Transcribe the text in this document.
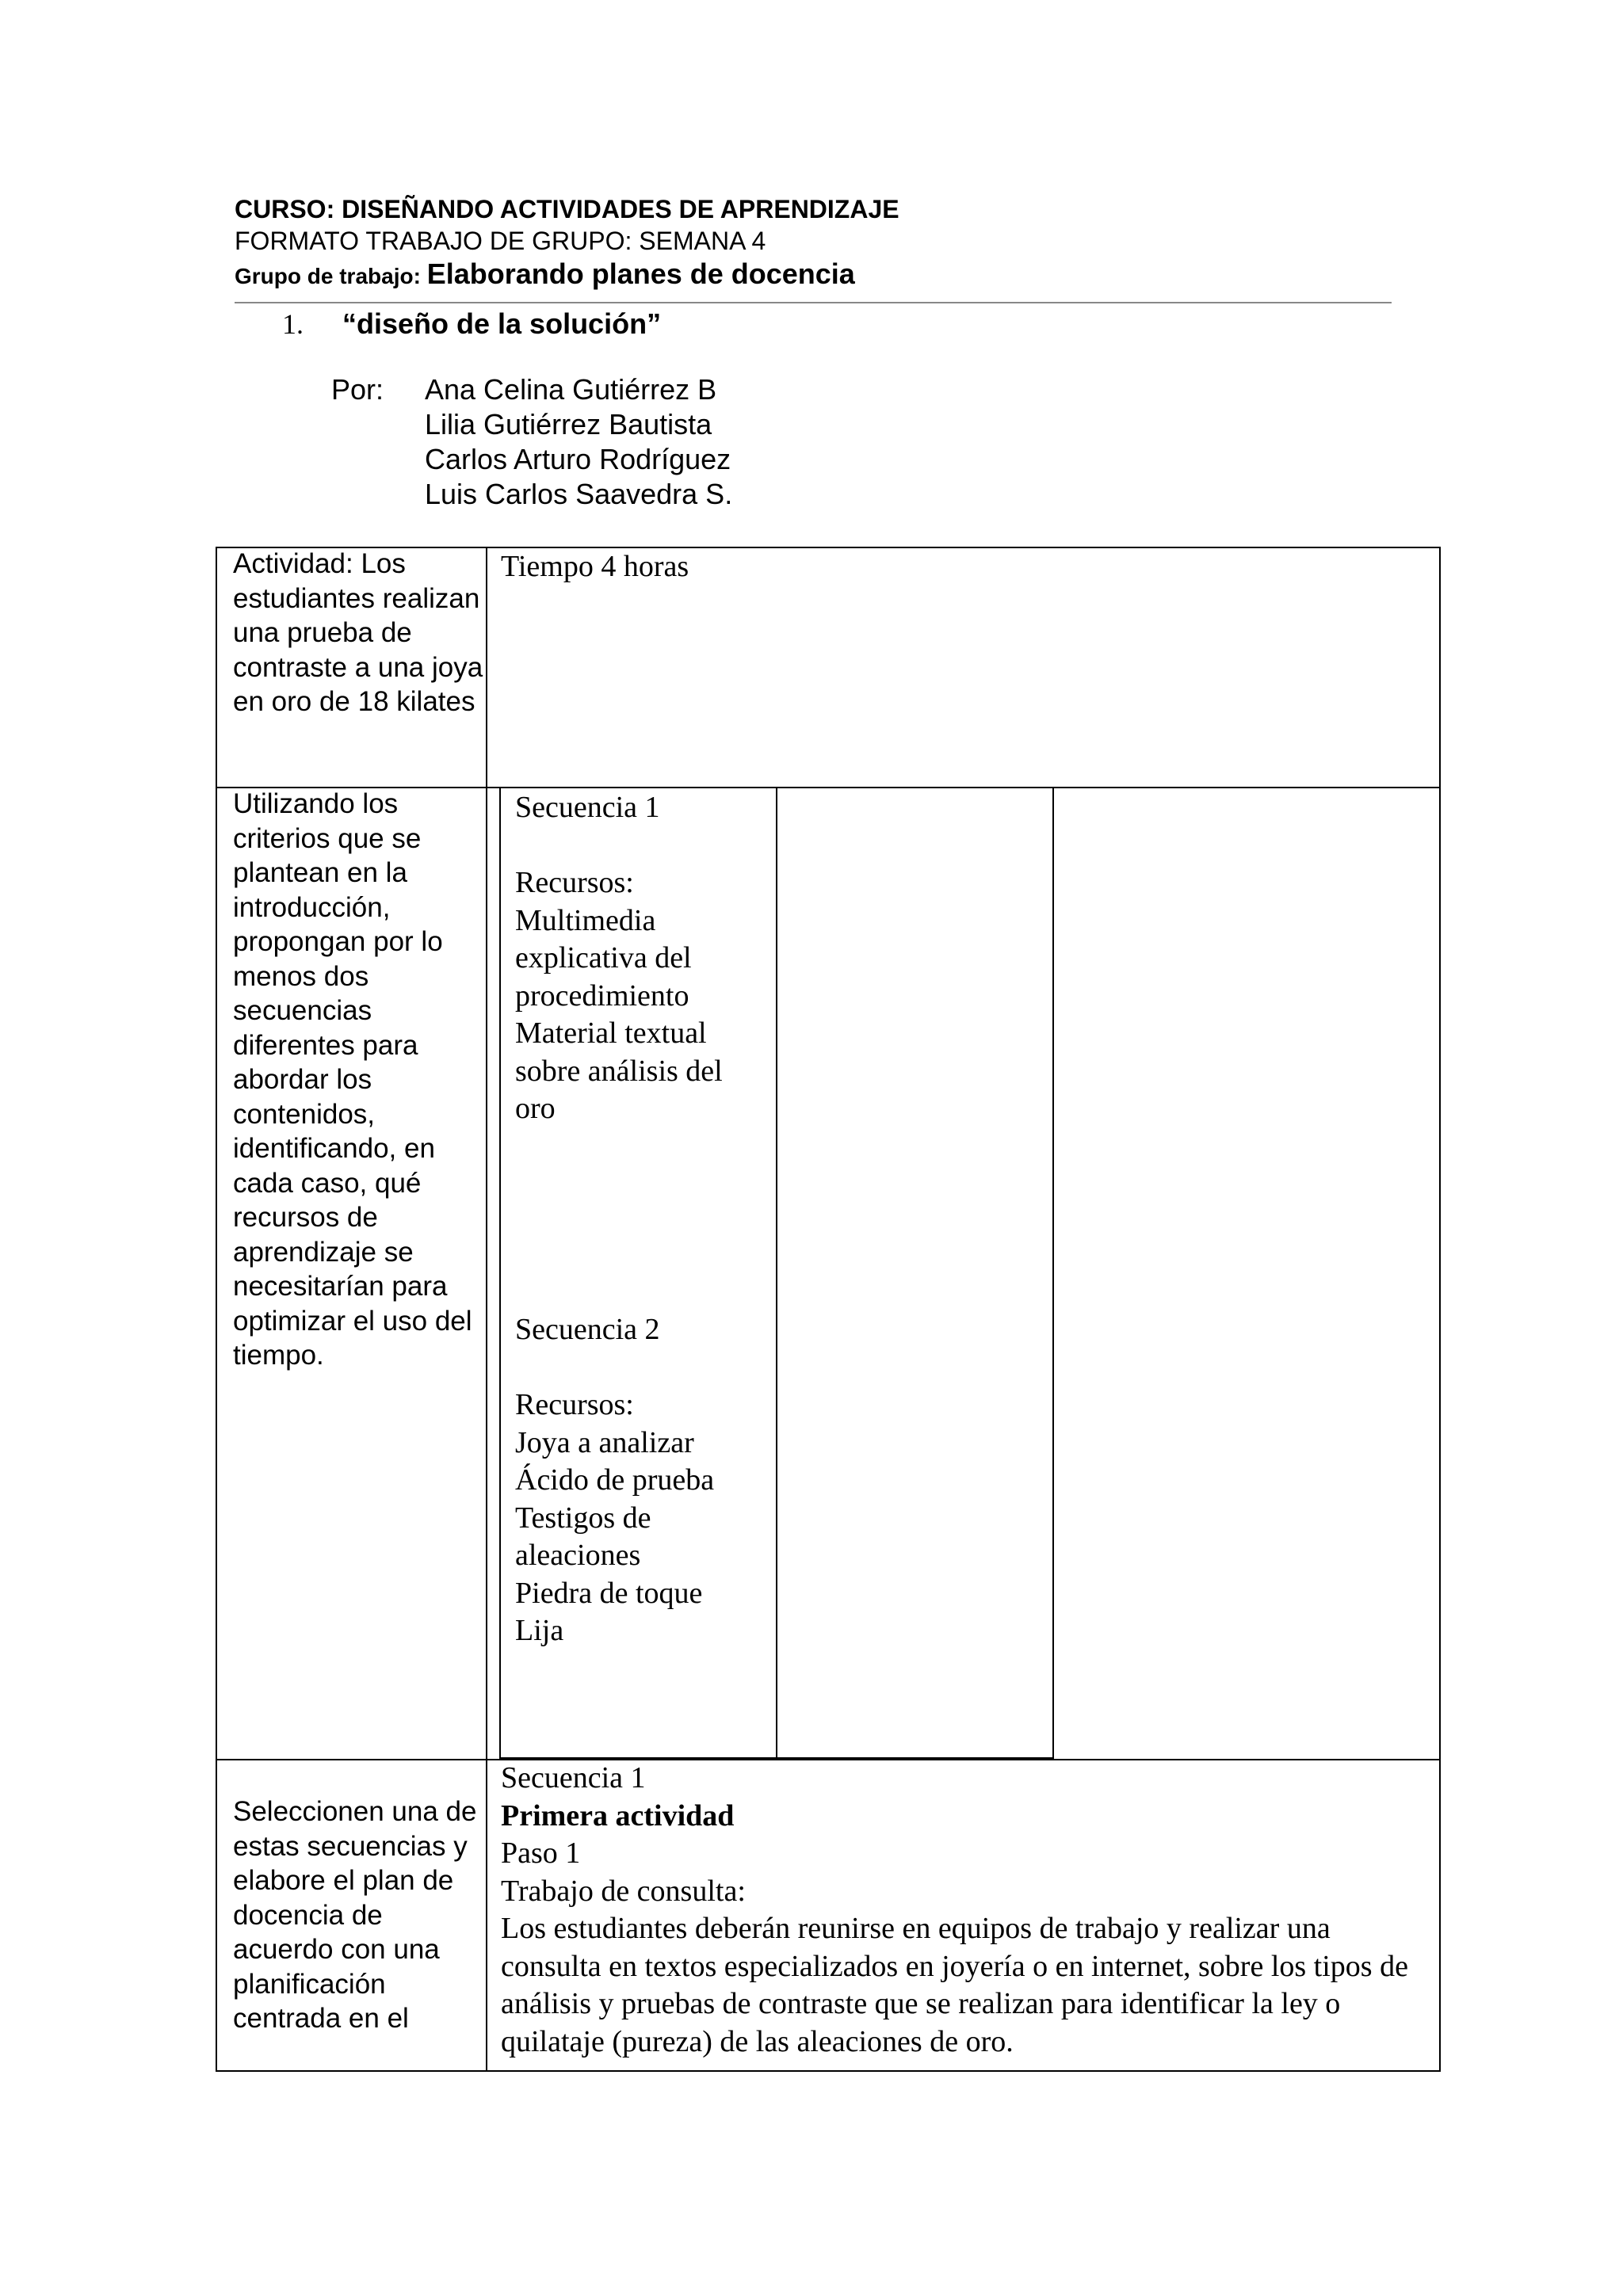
CURSO: DISEÑANDO ACTIVIDADES DE APRENDIZAJE
FORMATO TRABAJO DE GRUPO: SEMANA 4
Grupo de trabajo: Elaborando planes de docencia
1. “diseño de la solución”
Por: Ana Celina Gutiérrez B
Lilia Gutiérrez Bautista
Carlos Arturo Rodríguez
Luis Carlos Saavedra S.
Actividad: Los estudiantes realizan una prueba de contraste a una joya en oro de 18 kilates
Tiempo 4 horas
Utilizando los criterios que se plantean en la introducción, propongan por lo menos dos secuencias diferentes para abordar los contenidos, identificando, en cada caso, qué recursos de aprendizaje se necesitarían para optimizar el uso del tiempo.
Secuencia 1
Recursos:
Multimedia explicativa del procedimiento
Material textual sobre análisis del oro
Secuencia 2
Recursos:
Joya a analizar
Ácido de prueba
Testigos de aleaciones
Piedra de toque
Lija
Seleccionen una de estas secuencias y elabore el plan de docencia de acuerdo con una planificación centrada en el
Secuencia 1
Primera actividad
Paso 1
Trabajo de consulta:
Los estudiantes deberán reunirse en equipos de trabajo y realizar una consulta en textos especializados en joyería o en internet, sobre los tipos de análisis y pruebas de contraste que se realizan para identificar la ley o quilataje (pureza) de las aleaciones de oro.
